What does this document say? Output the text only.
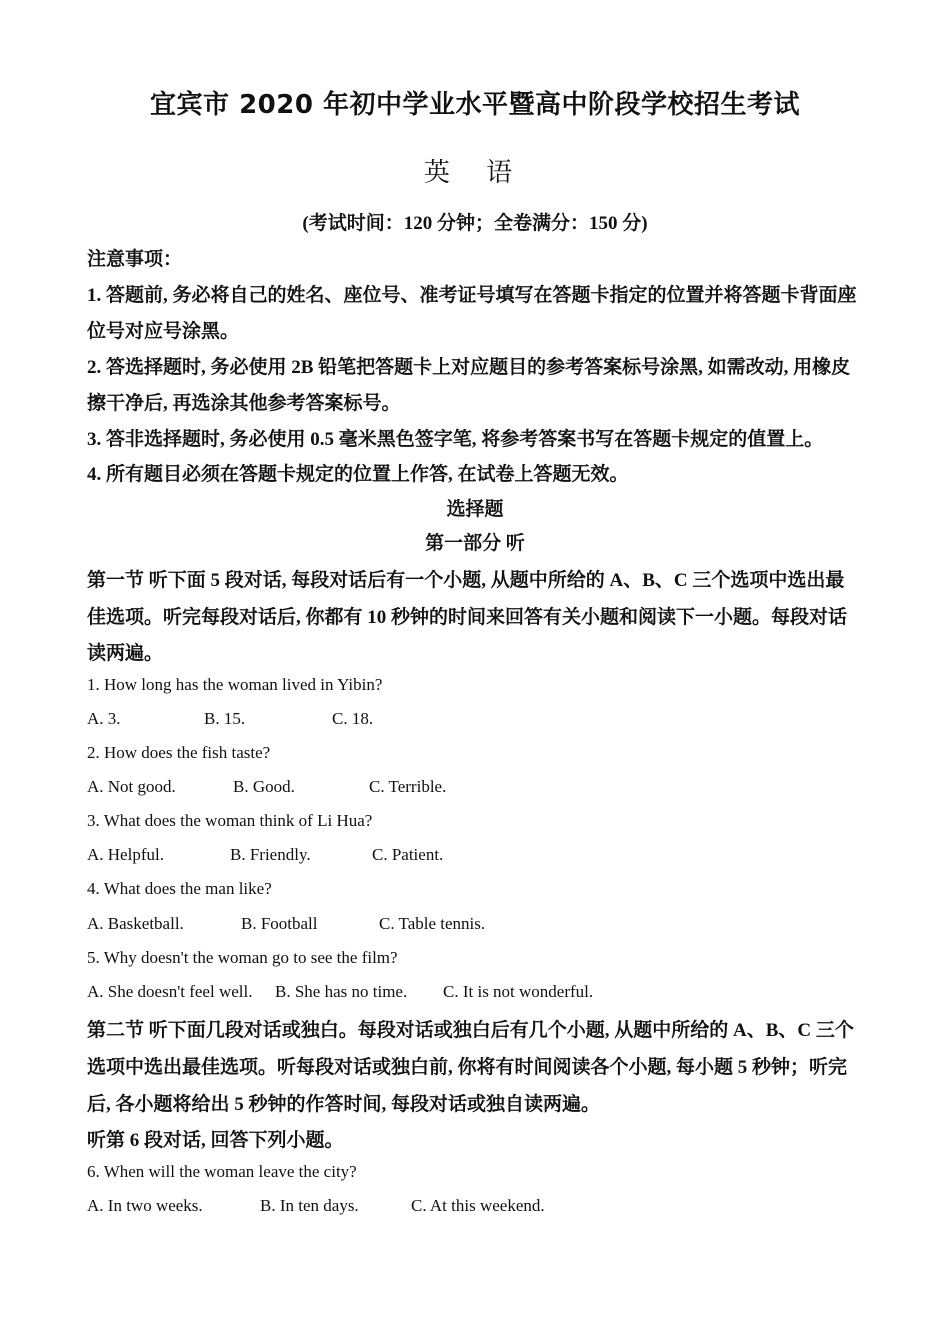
宜宾市 2020 年初中学业水平暨高中阶段学校招生考试
英 语
(考试时间：120 分钟；全卷满分：150 分)
注意事项：
1. 答题前, 务必将自己的姓名、座位号、准考证号填写在答题卡指定的位置并将答题卡背面座
位号对应号涂黑。
2. 答选择题时, 务必使用 2B 铅笔把答题卡上对应题目的参考答案标号涂黑, 如需改动, 用橡皮
擦干净后, 再选涂其他参考答案标号。
3. 答非选择题时, 务必使用 0.5 毫米黑色签字笔, 将参考答案书写在答题卡规定的值置上。
4. 所有题目必须在答题卡规定的位置上作答, 在试卷上答题无效。
选择题
第一部分 听
第一节 听下面 5 段对话, 每段对话后有一个小题, 从题中所给的 A、B、C 三个选项中选出最
佳选项。听完每段对话后, 你都有 10 秒钟的时间来回答有关小题和阅读下一小题。每段对话
读两遍。
1. How long has the woman lived in Yibin?
A. 3.	B. 15.	C. 18.
2. How does the fish taste?
A. Not good.	B. Good.	C. Terrible.
3. What does the woman think of Li Hua?
A. Helpful.	B. Friendly.	C. Patient.
4. What does the man like?
A. Basketball.	B. Football	C. Table tennis.
5. Why doesn't the woman go to see the film?
A. She doesn't feel well. B. She has no time. C. It is not wonderful.
第二节 听下面几段对话或独白。每段对话或独白后有几个小题, 从题中所给的 A、B、C 三个
选项中选出最佳选项。听每段对话或独白前, 你将有时间阅读各个小题, 每小题 5 秒钟；听完
后, 各小题将给出 5 秒钟的作答时间, 每段对话或独自读两遍。
听第 6 段对话, 回答下列小题。
6. When will the woman leave the city?
A. In two weeks.	B. In ten days.	C. At this weekend.
